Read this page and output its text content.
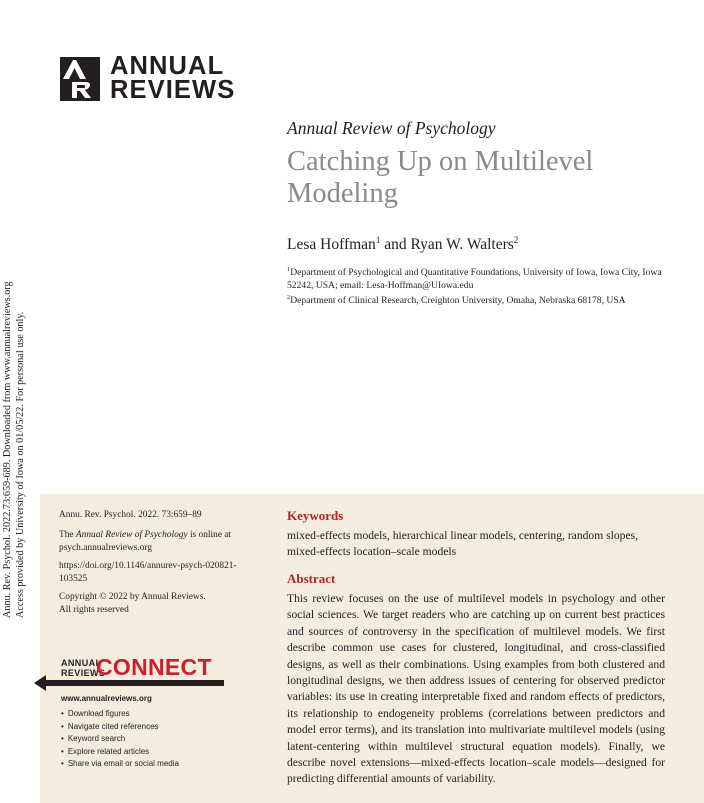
Annu. Rev. Psychol. 2022.73:659-689. Downloaded from www.annualreviews.org Access provided by University of Iowa on 01/05/22. For personal use only.
ANNUAL
REVIEWS
Annual Review of Psychology
Catching Up on Multilevel Modeling
Lesa Hoffman$^1$ and Ryan W. Walters$^2$
$^1$Department of Psychological and Quantitative Foundations, University of Iowa, Iowa City, Iowa 52242, USA; email: Lesa-Hoffman@UIowa.edu
$^2$Department of Clinical Research, Creighton University, Omaha, Nebraska 68178, USA
Annu. Rev. Psychol. 2022. 73:659–89
The Annual Review of Psychology is online at psych.annualreviews.org
https://doi.org/10.1146/annurev-psych-020821-103525
Copyright © 2022 by Annual Reviews.
All rights reserved
ANNUAL
REVIEWS
CONNECT
www.annualreviews.org
• Download figures
• Navigate cited references
• Keyword search
• Explore related articles
• Share via email or social media
Keywords
mixed-effects models, hierarchical linear models, centering, random slopes, mixed-effects location–scale models
Abstract
This review focuses on the use of multilevel models in psychology and other social sciences. We target readers who are catching up on current best practices and sources of controversy in the specification of multilevel models. We first describe common use cases for clustered, longitudinal, and cross-classified designs, as well as their combinations. Using examples from both clustered and longitudinal designs, we then address issues of centering for observed predictor variables: its use in creating interpretable fixed and random effects of predictors, its relationship to endogeneity problems (correlations between predictors and model error terms), and its translation into multivariate multilevel models (using latent-centering within multilevel structural equation models). Finally, we describe novel extensions—mixed-effects location–scale models—designed for predicting differential amounts of variability.
